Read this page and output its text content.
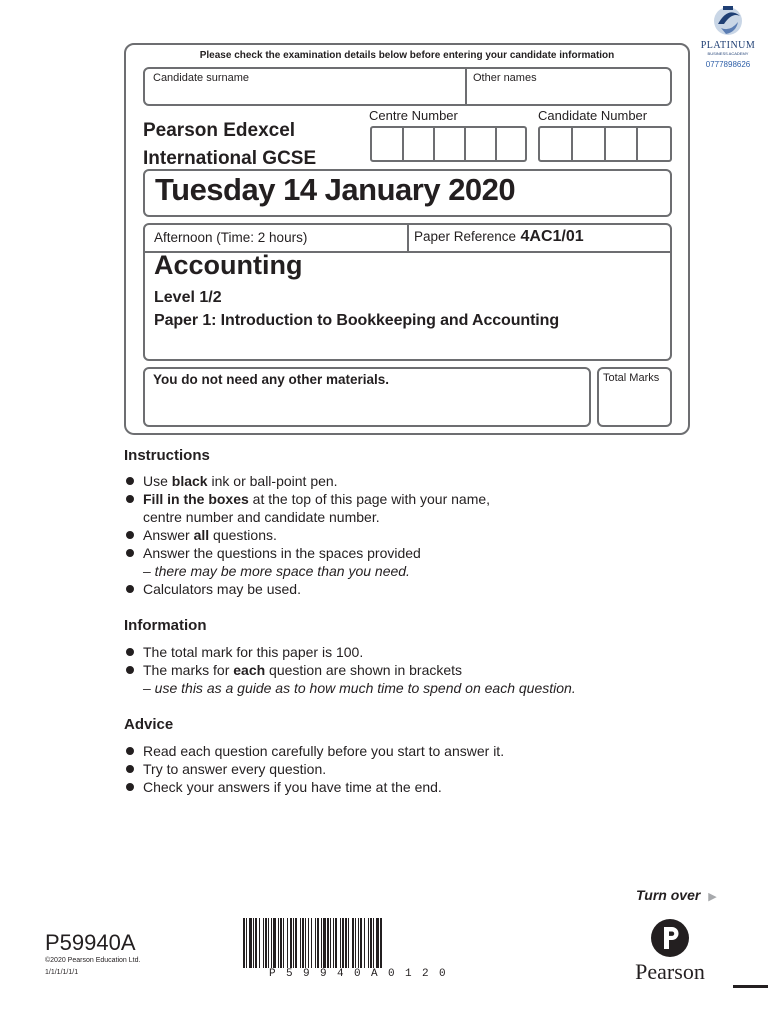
PLATINUM
BUSINESS ACADEMY
0777898626
Please check the examination details below before entering your candidate information
Candidate surname	Other names
Pearson Edexcel
International GCSE
Centre Number	Candidate Number
Tuesday 14 January 2020
Afternoon (Time: 2 hours)	Paper Reference 4AC1/01
Accounting
Level 1/2
Paper 1: Introduction to Bookkeeping and Accounting
You do not need any other materials.	Total Marks
Instructions
Use black ink or ball-point pen.
Fill in the boxes at the top of this page with your name,
centre number and candidate number.
Answer all questions.
Answer the questions in the spaces provided
– there may be more space than you need.
Calculators may be used.
Information
The total mark for this paper is 100.
The marks for each question are shown in brackets
– use this as a guide as to how much time to spend on each question.
Advice
Read each question carefully before you start to answer it.
Try to answer every question.
Check your answers if you have time at the end.
Turn over ▶
P59940A
©2020 Pearson Education Ltd.
1/1/1/1/1/1	P59940A0120	Pearson
